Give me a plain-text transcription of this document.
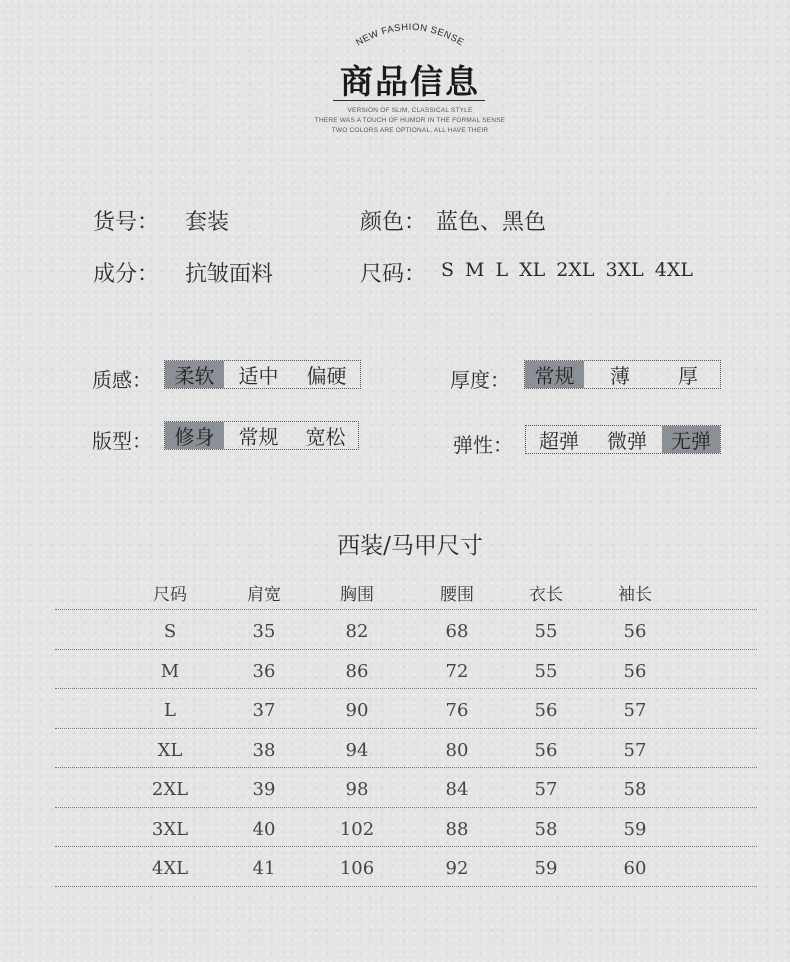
NEW FASHION SENSE
商品信息
VERSION OF SLIM, CLASSICAL STYLE
THERE WAS A TOUCH OF HUMOR IN THE FORMAL SENSE
TWO COLORS ARE OPTIONAL, ALL HAVE THEIR
货号： 套装	颜色： 蓝色、黑色
成分： 抗皱面料	尺码： S M L XL 2XL 3XL 4XL
质感：	柔软	适中	偏硬	厚度：	常规	薄	厚
版型：	修身	常规	宽松	弹性：	超弹	微弹	无弹
西装/马甲尺寸
尺码	肩宽	胸围	腰围	衣长	袖长
S	35	82	68	55	56
M	36	86	72	55	56
L	37	90	76	56	57
XL	38	94	80	56	57
2XL	39	98	84	57	58
3XL	40	102	88	58	59
4XL	41	106	92	59	60
